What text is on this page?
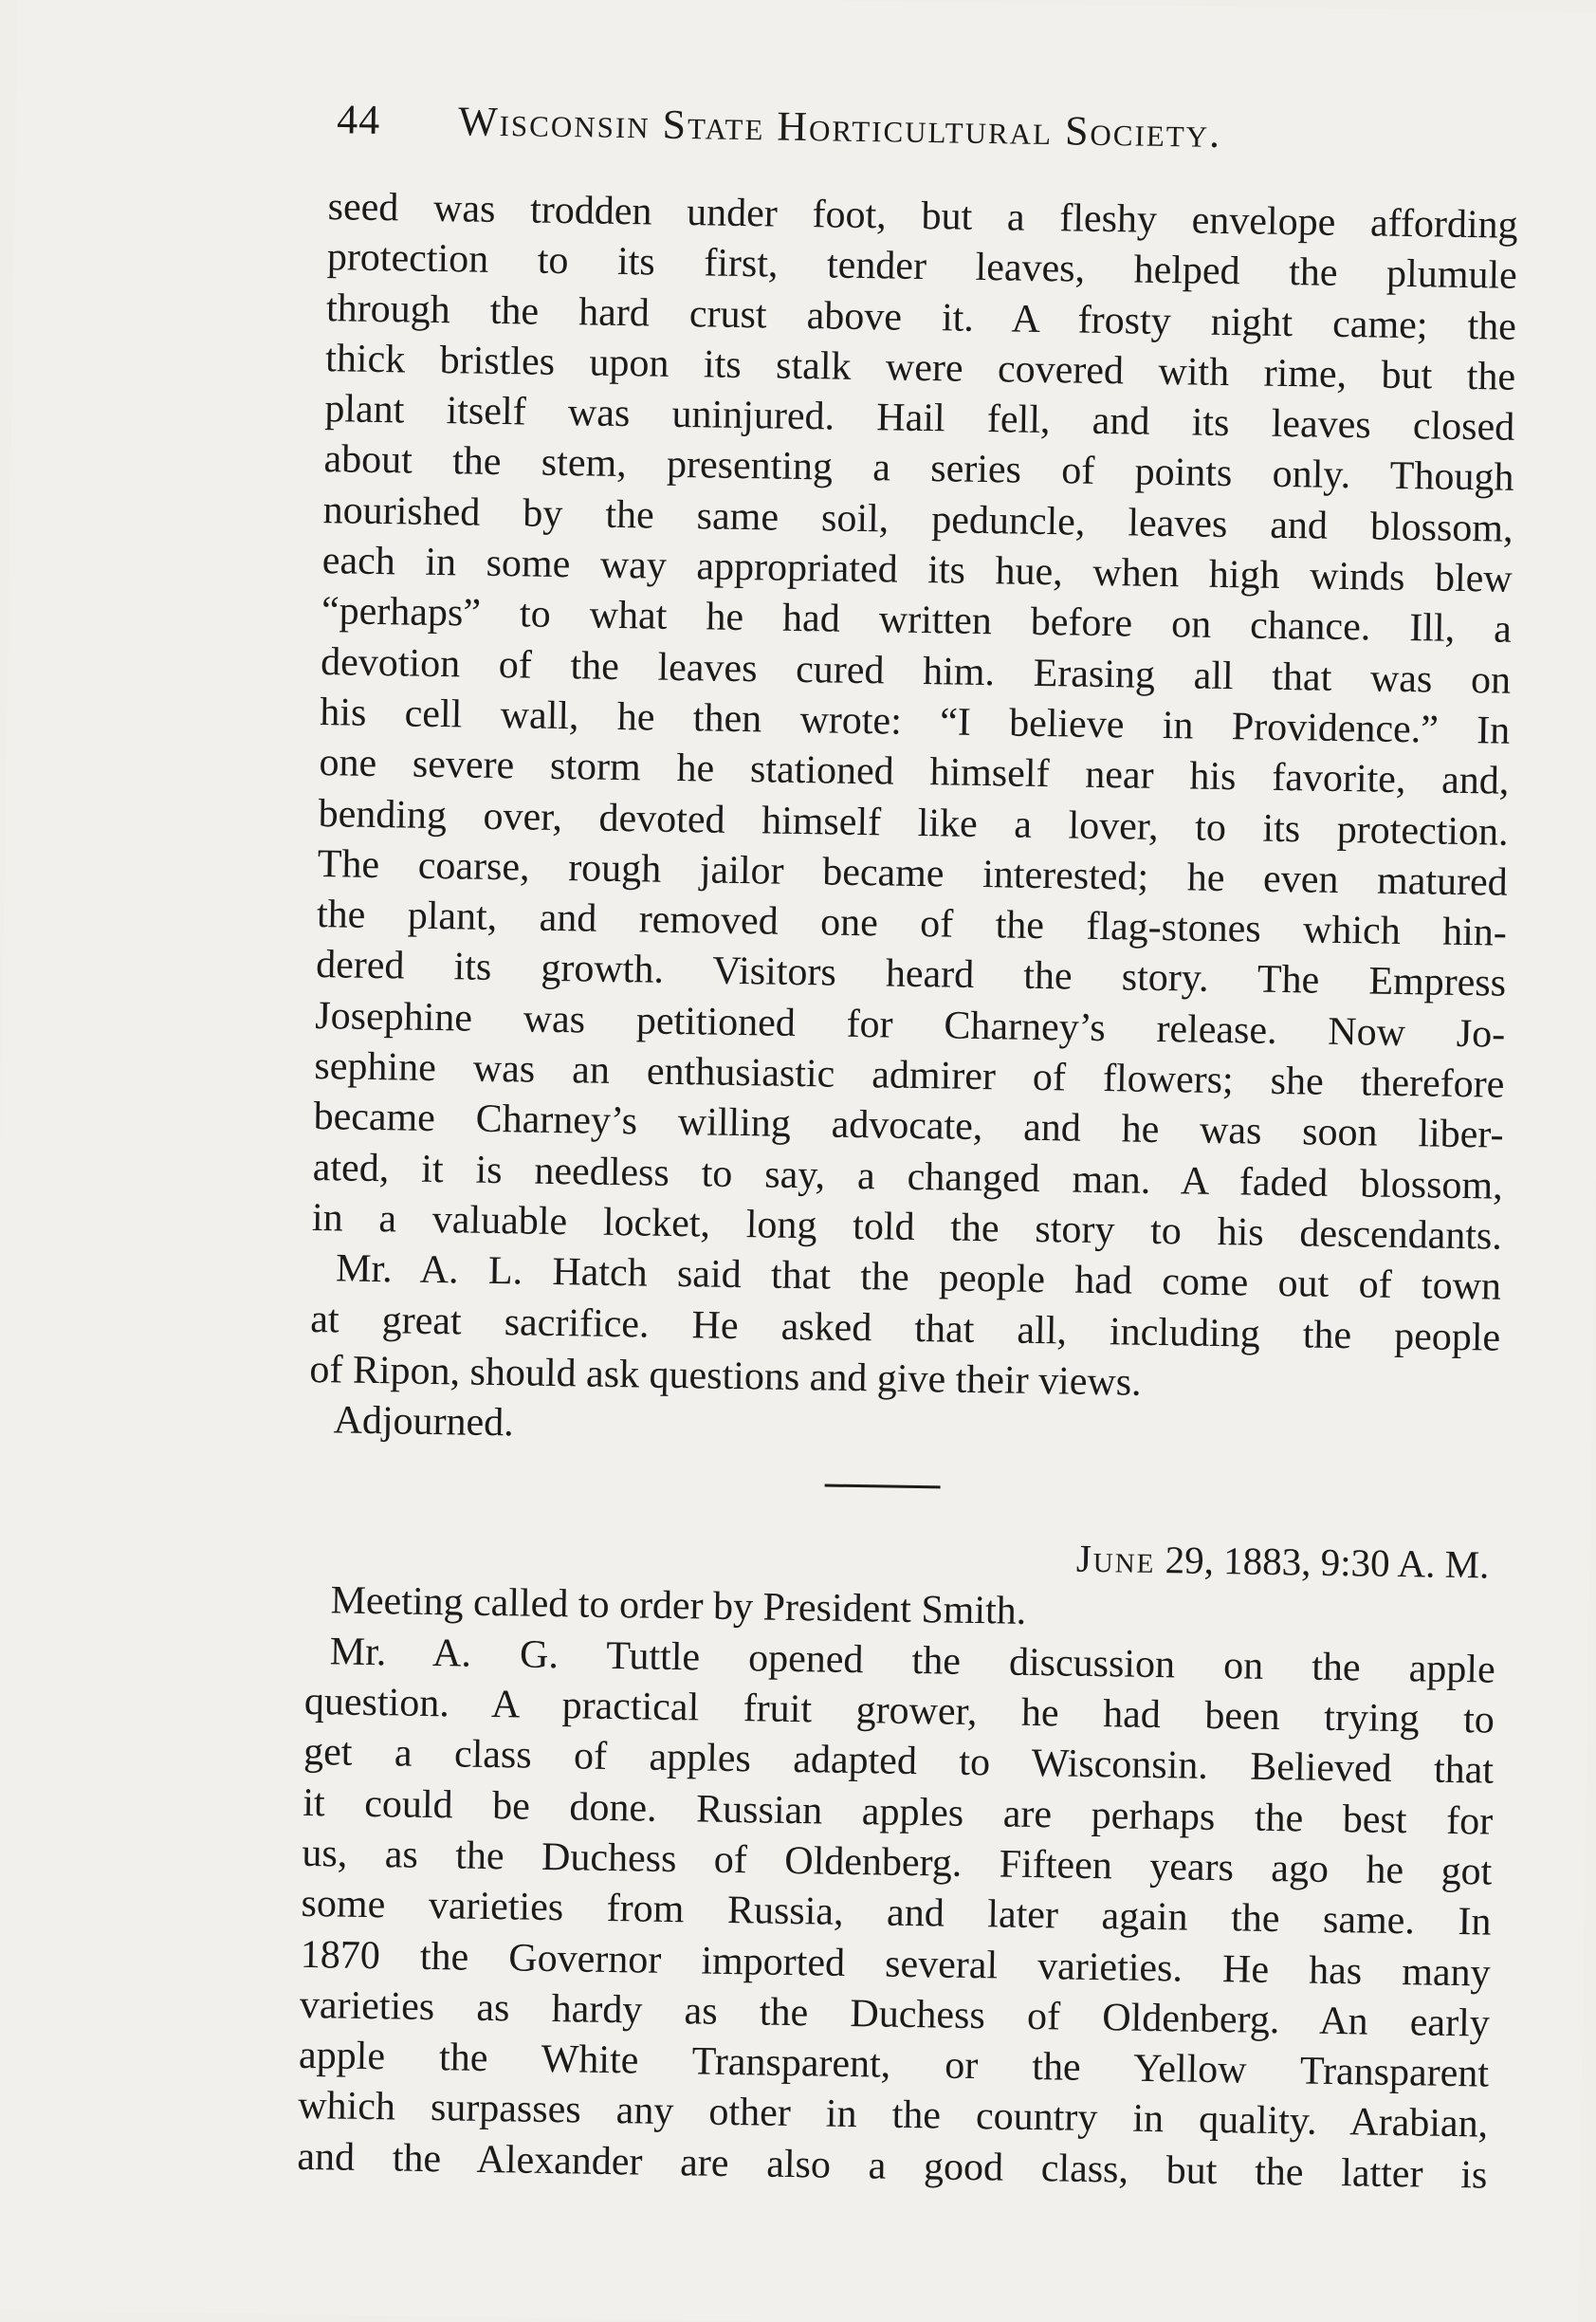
44 Wisconsin State Horticultural Society.
seed was trodden under foot, but a fleshy envelope affording
protection to its first, tender leaves, helped the plumule
through the hard crust above it. A frosty night came; the
thick bristles upon its stalk were covered with rime, but the
plant itself was uninjured. Hail fell, and its leaves closed
about the stem, presenting a series of points only. Though
nourished by the same soil, peduncle, leaves and blossom,
each in some way appropriated its hue, when high winds blew
“perhaps” to what he had written before on chance. Ill, a
devotion of the leaves cured him. Erasing all that was on
his cell wall, he then wrote: “I believe in Providence.” In
one severe storm he stationed himself near his favorite, and,
bending over, devoted himself like a lover, to its protection.
The coarse, rough jailor became interested; he even matured
the plant, and removed one of the flag-stones which hin-
dered its growth. Visitors heard the story. The Empress
Josephine was petitioned for Charney’s release. Now Jo-
sephine was an enthusiastic admirer of flowers; she therefore
became Charney’s willing advocate, and he was soon liber-
ated, it is needless to say, a changed man. A faded blossom,
in a valuable locket, long told the story to his descendants.
Mr. A. L. Hatch said that the people had come out of town
at great sacrifice. He asked that all, including the people
of Ripon, should ask questions and give their views.
Adjourned.
June 29, 1883, 9:30 A. M.
Meeting called to order by President Smith.
Mr. A. G. Tuttle opened the discussion on the apple
question. A practical fruit grower, he had been trying to
get a class of apples adapted to Wisconsin. Believed that
it could be done. Russian apples are perhaps the best for
us, as the Duchess of Oldenberg. Fifteen years ago he got
some varieties from Russia, and later again the same. In
1870 the Governor imported several varieties. He has many
varieties as hardy as the Duchess of Oldenberg. An early
apple the White Transparent, or the Yellow Transparent
which surpasses any other in the country in quality. Arabian,
and the Alexander are also a good class, but the latter is
